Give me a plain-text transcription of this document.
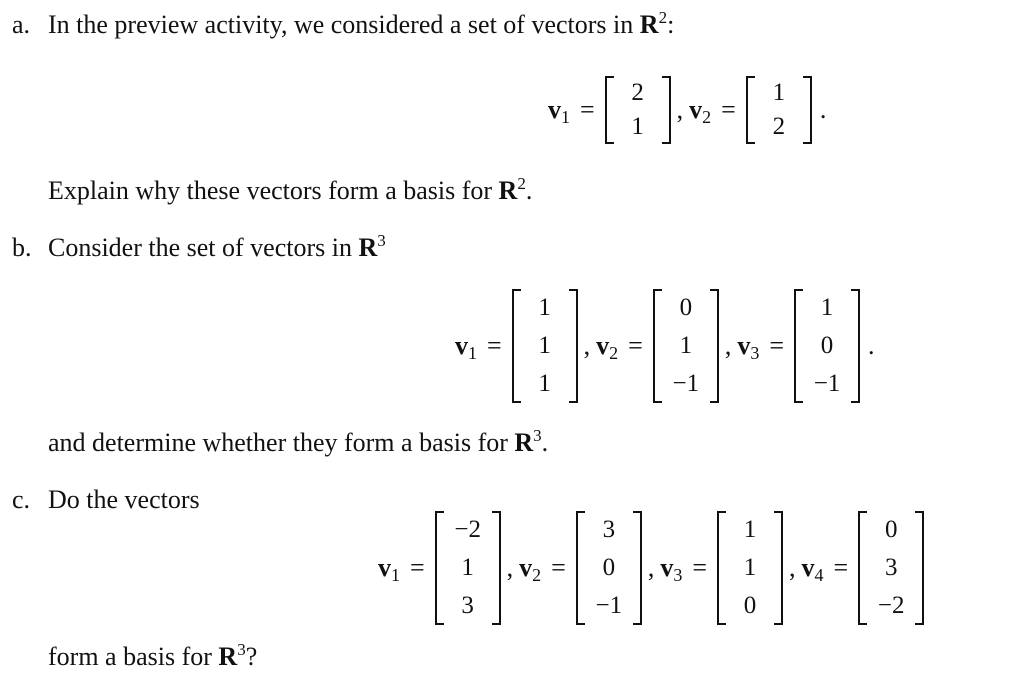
a. In the preview activity, we considered a set of vectors in $R^2$:
$v_1$ =
2
1
, $v_2$ =
1
2
.
Explain why these vectors form a basis for $R^2$.
b. Consider the set of vectors in $R^3$
$v_1$ =
1
1
1
, $v_2$ =
0
1
−1
, $v_3$ =
1
0
−1
.
and determine whether they form a basis for $R^3$.
c. Do the vectors
$v_1$ =
−2
1
3
, $v_2$ =
3
0
−1
, $v_3$ =
1
1
0
, $v_4$ =
0
3
−2
form a basis for $R^3$?
